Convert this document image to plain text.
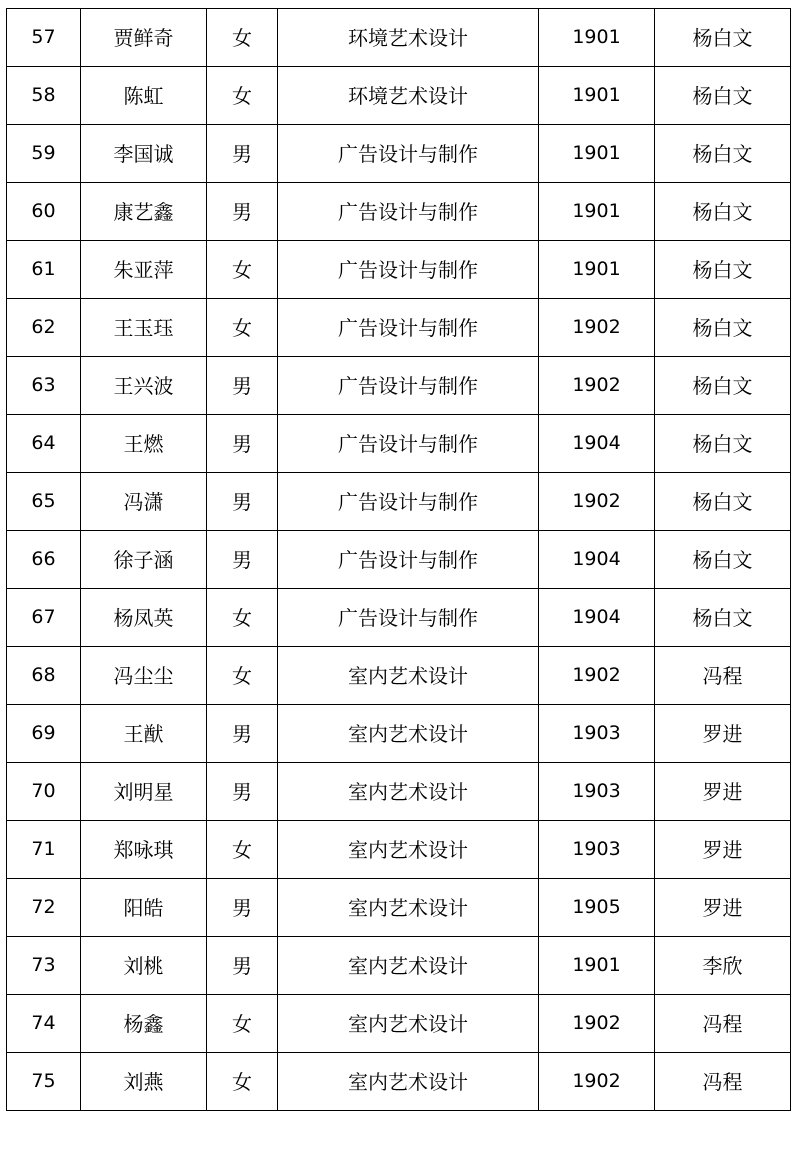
57	贾鲜奇	女	环境艺术设计	1901	杨白文
58	陈虹	女	环境艺术设计	1901	杨白文
59	李国诚	男	广告设计与制作	1901	杨白文
60	康艺鑫	男	广告设计与制作	1901	杨白文
61	朱亚萍	女	广告设计与制作	1901	杨白文
62	王玉珏	女	广告设计与制作	1902	杨白文
63	王兴波	男	广告设计与制作	1902	杨白文
64	王燃	男	广告设计与制作	1904	杨白文
65	冯潇	男	广告设计与制作	1902	杨白文
66	徐子涵	男	广告设计与制作	1904	杨白文
67	杨凤英	女	广告设计与制作	1904	杨白文
68	冯尘尘	女	室内艺术设计	1902	冯程
69	王猷	男	室内艺术设计	1903	罗进
70	刘明星	男	室内艺术设计	1903	罗进
71	郑咏琪	女	室内艺术设计	1903	罗进
72	阳皓	男	室内艺术设计	1905	罗进
73	刘桃	男	室内艺术设计	1901	李欣
74	杨鑫	女	室内艺术设计	1902	冯程
75	刘燕	女	室内艺术设计	1902	冯程
